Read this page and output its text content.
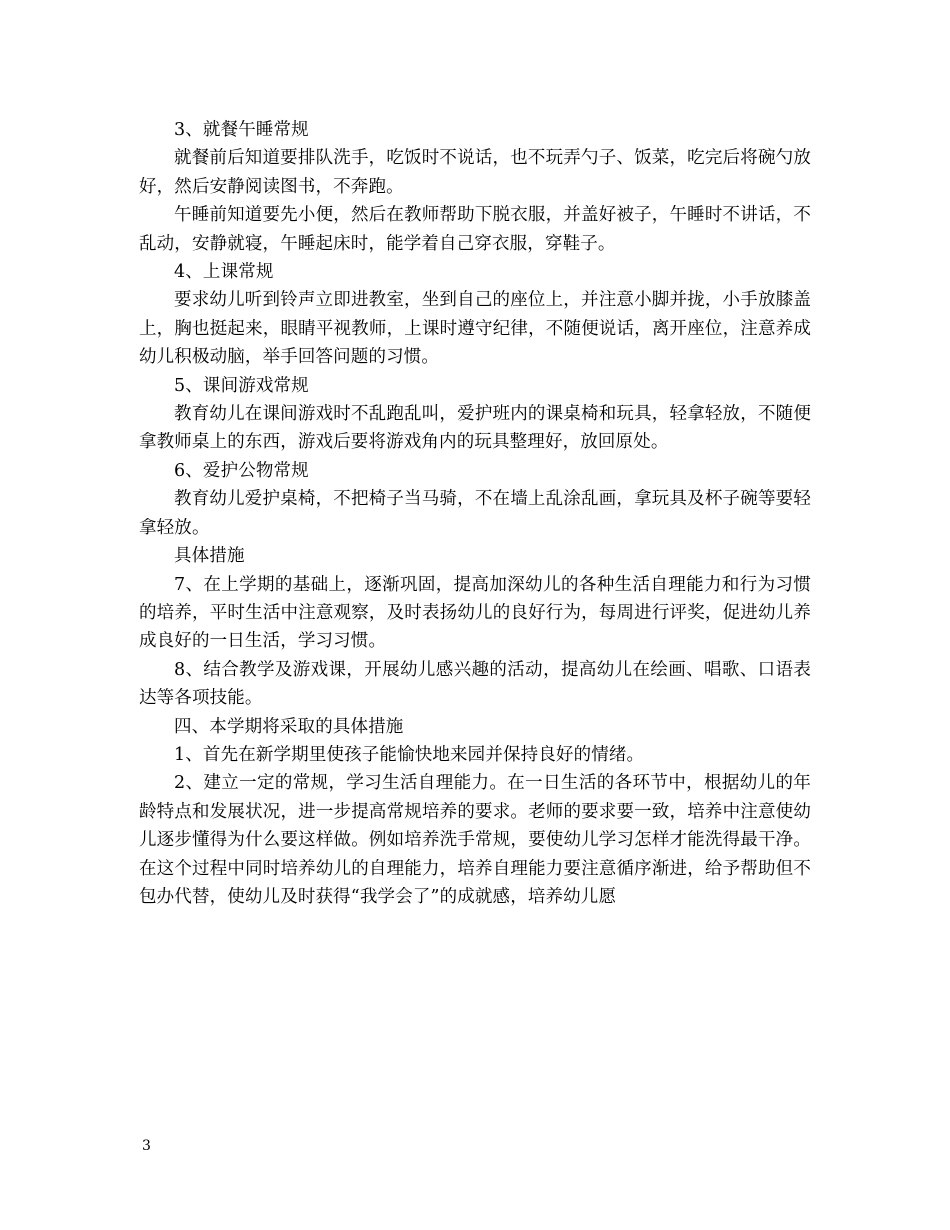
3、就餐午睡常规

就餐前后知道要排队洗手，吃饭时不说话，也不玩弄勺子、饭菜，吃完后将碗勺放好，然后安静阅读图书，不奔跑。

午睡前知道要先小便，然后在教师帮助下脱衣服，并盖好被子，午睡时不讲话，不乱动，安静就寝，午睡起床时，能学着自己穿衣服，穿鞋子。

4、上课常规

要求幼儿听到铃声立即进教室，坐到自己的座位上，并注意小脚并拢，小手放膝盖上，胸也挺起来，眼睛平视教师，上课时遵守纪律，不随便说话，离开座位，注意养成幼儿积极动脑，举手回答问题的习惯。

5、课间游戏常规

教育幼儿在课间游戏时不乱跑乱叫，爱护班内的课桌椅和玩具，轻拿轻放，不随便拿教师桌上的东西，游戏后要将游戏角内的玩具整理好，放回原处。

6、爱护公物常规

教育幼儿爱护桌椅，不把椅子当马骑，不在墙上乱涂乱画，拿玩具及杯子碗等要轻拿轻放。

具体措施

7、在上学期的基础上，逐渐巩固，提高加深幼儿的各种生活自理能力和行为习惯的培养，平时生活中注意观察，及时表扬幼儿的良好行为，每周进行评奖，促进幼儿养成良好的一日生活，学习习惯。

8、结合教学及游戏课，开展幼儿感兴趣的活动，提高幼儿在绘画、唱歌、口语表达等各项技能。

四、本学期将采取的具体措施

1、首先在新学期里使孩子能愉快地来园并保持良好的情绪。

2、建立一定的常规，学习生活自理能力。在一日生活的各环节中，根据幼儿的年龄特点和发展状况，进一步提高常规培养的要求。老师的要求要一致，培养中注意使幼儿逐步懂得为什么要这样做。例如培养洗手常规，要使幼儿学习怎样才能洗得最干净。在这个过程中同时培养幼儿的自理能力，培养自理能力要注意循序渐进，给予帮助但不包办代替，使幼儿及时获得“我学会了”的成就感，培养幼儿愿

3
